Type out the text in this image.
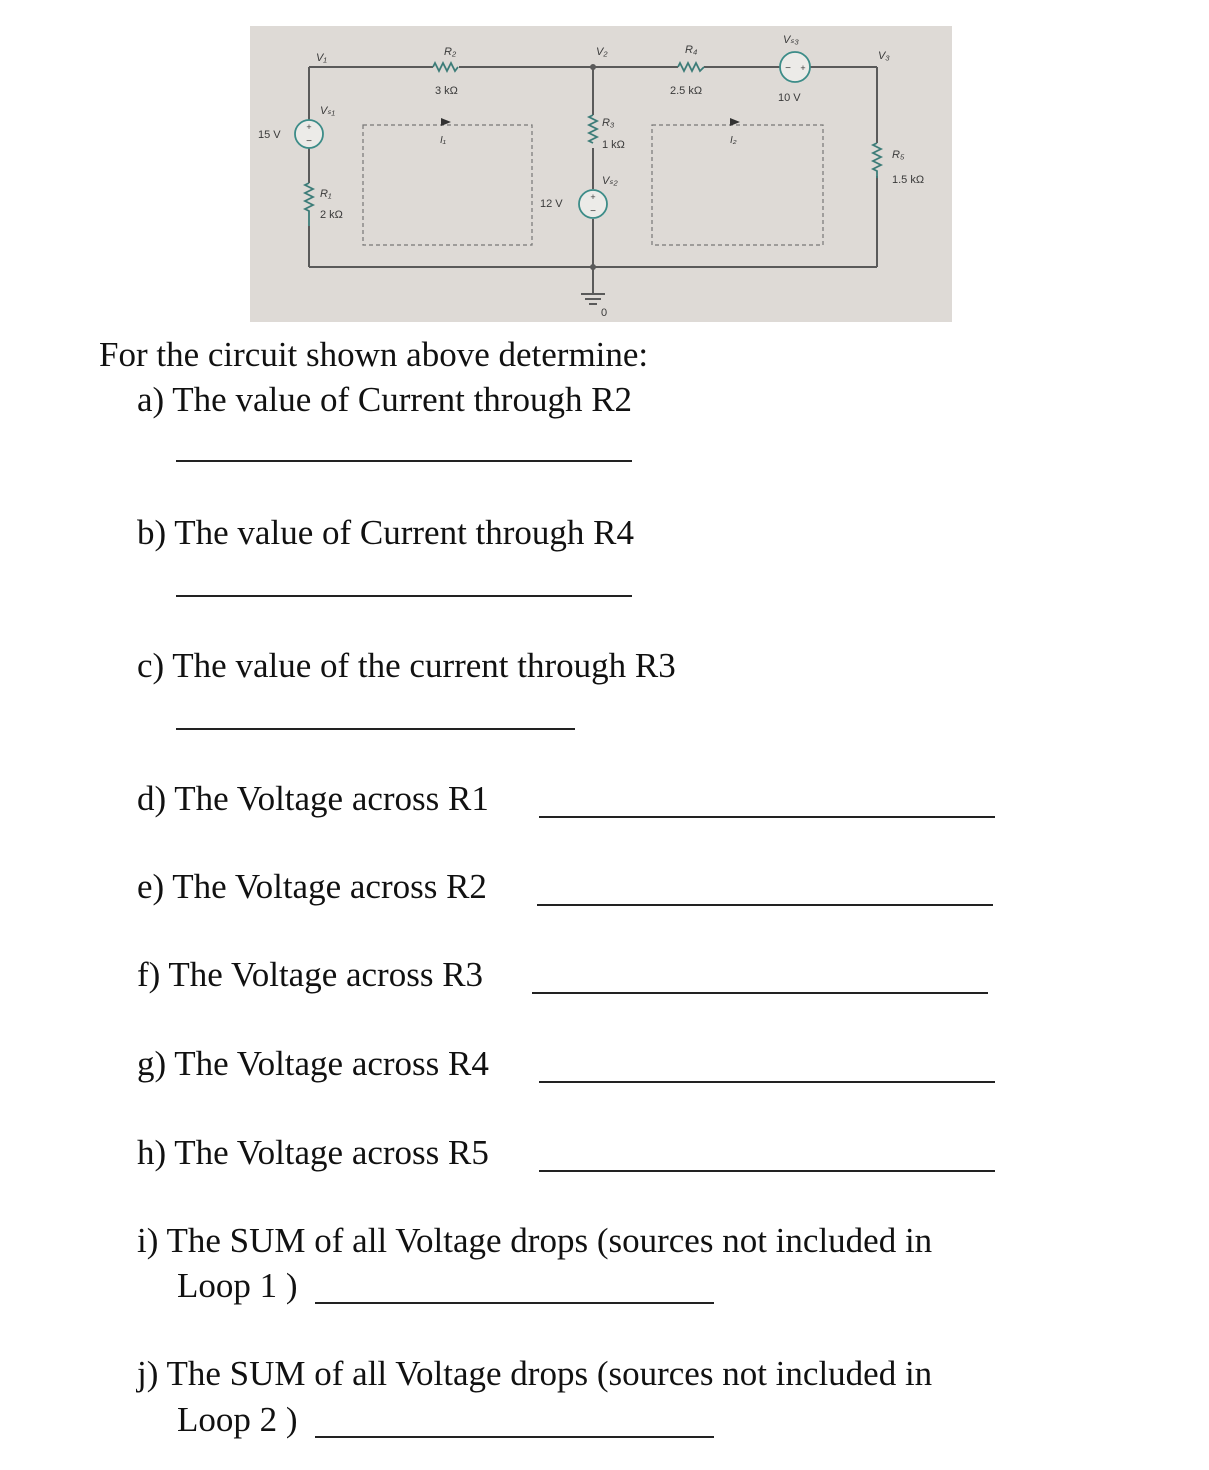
+
−
+
−
− +
V₁	R₂
3 kΩ
V₂	R₄
2.5 kΩ
Vₛ₃
V₃
10 V
Vₛ₁
15 V	I₁
R₃
1 kΩ	I₂
R₅
1.5 kΩ
Vₛ₂
12 V
R₁
2 kΩ
0
For the circuit shown above determine:
a) The value of Current through R2
b) The value of Current through R4
c) The value of the current through R3
d) The Voltage across R1
e) The Voltage across R2
f) The Voltage across R3
g) The Voltage across R4
h) The Voltage across R5
i) The SUM of all Voltage drops (sources not included in
Loop 1 )
j) The SUM of all Voltage drops (sources not included in
Loop 2 )
